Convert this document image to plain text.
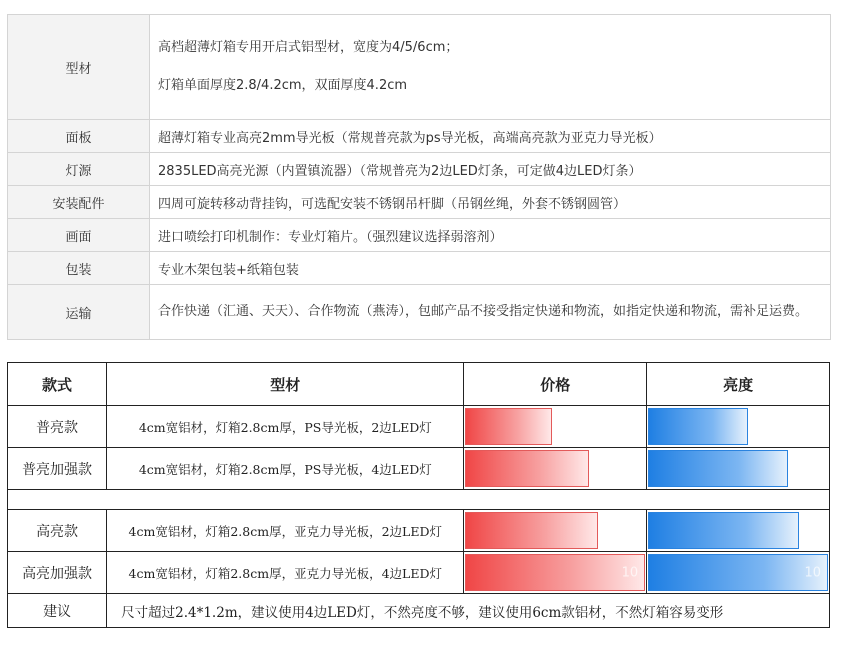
型材	高档超薄灯箱专用开启式铝型材，宽度为4/5/6cm；

灯箱单面厚度2.8/4.2cm，双面厚度4.2cm

面板	超薄灯箱专业高亮2mm导光板（常规普亮款为ps导光板，高端高亮款为亚克力导光板）
灯源	2835LED高亮光源（内置镇流器）（常规普亮为2边LED灯条，可定做4边LED灯条）
安装配件	四周可旋转移动背挂钩，可选配安装不锈钢吊杆脚（吊钢丝绳，外套不锈钢圆管）
画面	进口喷绘打印机制作：专业灯箱片。（强烈建议选择弱溶剂）
包装	专业木架包装+纸箱包装
运输	合作快递（汇通、天天）、合作物流（燕涛），包邮产品不接受指定快递和物流，如指定快递和物流，需补足运费。
款式	型材	价格	亮度
普亮款	4cm宽铝材，灯箱2.8cm厚，PS导光板，2边LED灯	

普亮加强款	4cm宽铝材，灯箱2.8cm厚，PS导光板，4边LED灯	

高亮款	4cm宽铝材，灯箱2.8cm厚，亚克力导光板，2边LED灯	

高亮加强款	4cm宽铝材，灯箱2.8cm厚，亚克力导光板，4边LED灯	10	10

建议	尺寸超过2.4*1.2m，建议使用4边LED灯，不然亮度不够，建议使用6cm款铝材，不然灯箱容易变形		
